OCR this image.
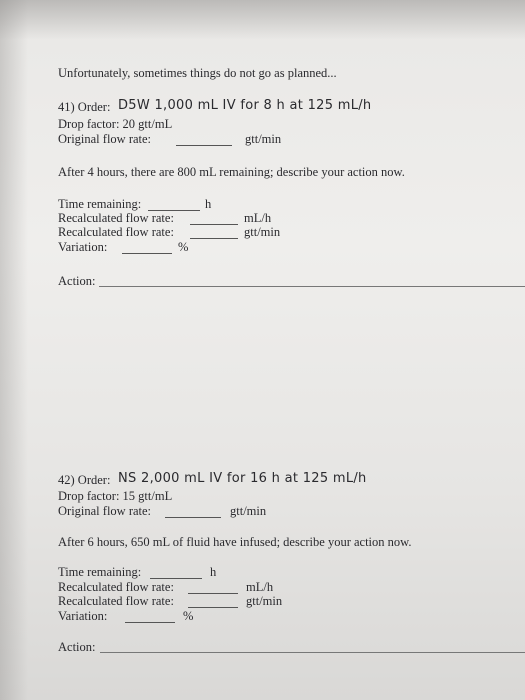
Unfortunately, sometimes things do not go as planned...
41) Order: D5W 1,000 mL IV for 8 h at 125 mL/h
Drop factor: 20 gtt/mL
Original flow rate:	gtt/min
After 4 hours, there are 800 mL remaining; describe your action now.
Time remaining:	h
Recalculated flow rate:	mL/h
Recalculated flow rate:	gtt/min
Variation:	%
Action:
42) Order: NS 2,000 mL IV for 16 h at 125 mL/h
Drop factor: 15 gtt/mL
Original flow rate:	gtt/min
After 6 hours, 650 mL of fluid have infused; describe your action now.
Time remaining:	h
Recalculated flow rate:	mL/h
Recalculated flow rate:	gtt/min
Variation:	%
Action:
